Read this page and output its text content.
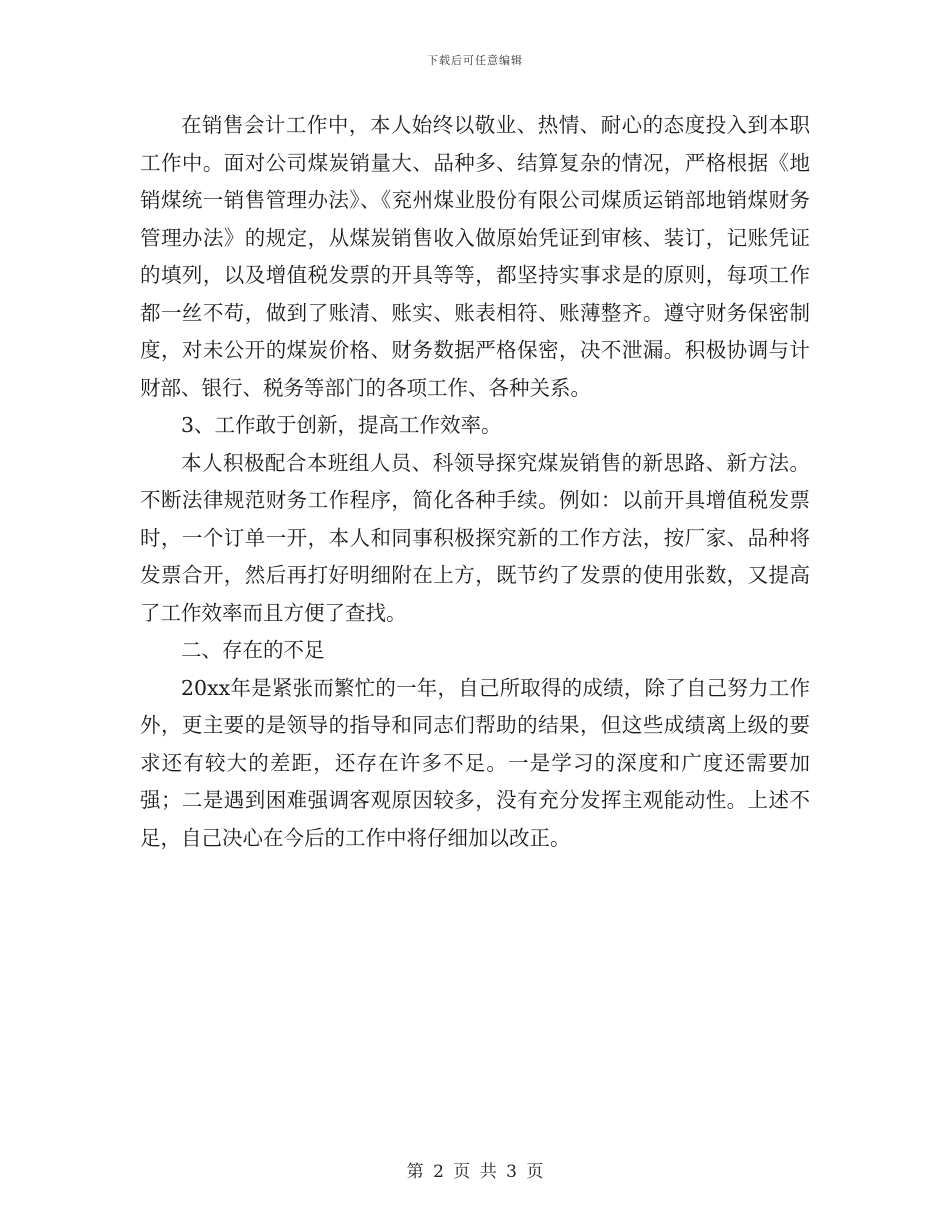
下载后可任意编辑

在销售会计工作中，本人始终以敬业、热情、耐心的态度投入到本职工作中。面对公司煤炭销量大、品种多、结算复杂的情况，严格根据《地销煤统一销售管理办法》、《兖州煤业股份有限公司煤质运销部地销煤财务管理办法》的规定，从煤炭销售收入做原始凭证到审核、装订，记账凭证的填列，以及增值税发票的开具等等，都坚持实事求是的原则，每项工作都一丝不苟，做到了账清、账实、账表相符、账薄整齐。遵守财务保密制度，对未公开的煤炭价格、财务数据严格保密，决不泄漏。积极协调与计财部、银行、税务等部门的各项工作、各种关系。

3、工作敢于创新，提高工作效率。

本人积极配合本班组人员、科领导探究煤炭销售的新思路、新方法。不断法律规范财务工作程序，简化各种手续。例如：以前开具增值税发票时，一个订单一开，本人和同事积极探究新的工作方法，按厂家、品种将发票合开，然后再打好明细附在上方，既节约了发票的使用张数，又提高了工作效率而且方便了查找。

二、存在的不足

20xx年是紧张而繁忙的一年，自己所取得的成绩，除了自己努力工作外，更主要的是领导的指导和同志们帮助的结果，但这些成绩离上级的要求还有较大的差距，还存在许多不足。一是学习的深度和广度还需要加强；二是遇到困难强调客观原因较多，没有充分发挥主观能动性。上述不足，自己决心在今后的工作中将仔细加以改正。

第 2 页 共 3 页
